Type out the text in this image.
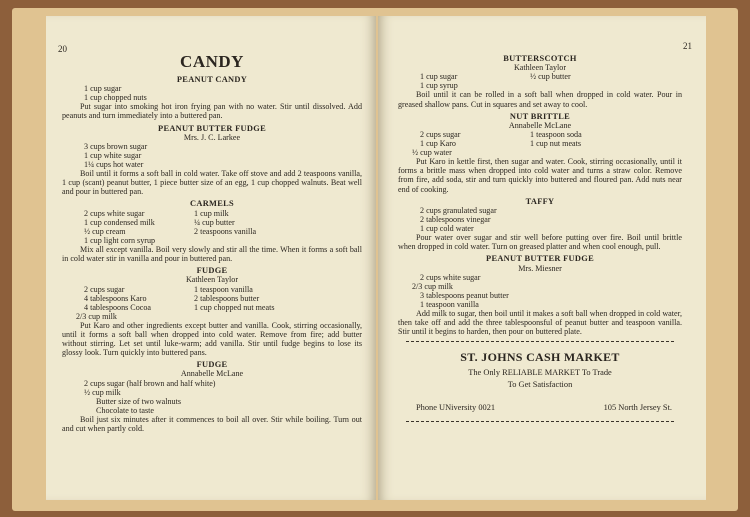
20
CANDY
PEANUT CANDY
1 cup sugar
1 cup chopped nuts
Put sugar into smoking hot iron frying pan with no water. Stir until dissolved. Add peanuts and turn immediately into a buttered pan.
PEANUT BUTTER FUDGE
Mrs. J. C. Larkee
3 cups brown sugar
1 cup white sugar
1¼ cups hot water
Boil until it forms a soft ball in cold water. Take off stove and add 2 teaspoons vanilla, 1 cup (scant) peanut butter, 1 piece butter size of an egg, 1 cup chopped walnuts. Beat well and pour in buttered pan.
CARMELS
2 cups white sugar	1 cup milk
1 cup condensed milk	¼ cup butter
½ cup cream	2 teaspoons vanilla
1 cup light corn syrup
Mix all except vanilla. Boil very slowly and stir all the time. When it forms a soft ball in cold water stir in vanilla and pour in buttered pan.
FUDGE
Kathleen Taylor
2 cups sugar	1 teaspoon vanilla
4 tablespoons Karo	2 tablespoons butter
4 tablespoons Cocoa	1 cup chopped nut meats
2/3 cup milk
Put Karo and other ingredients except butter and vanilla. Cook, stirring occasionally, until it forms a soft ball when dropped into cold water. Remove from fire; add butter without stirring. Let set until luke-warm; add vanilla. Stir until fudge begins to lose its glossy look. Turn quickly into buttered pans.
FUDGE
Annabelle McLane
2 cups sugar (half brown and half white)
½ cup milk
Butter size of two walnuts
Chocolate to taste
Boil just six minutes after it commences to boil all over. Stir while boiling. Turn out and cut when partly cold.
21
BUTTERSCOTCH
Kathleen Taylor
1 cup sugar	½ cup butter
1 cup syrup
Boil until it can be rolled in a soft ball when dropped in cold water. Pour in greased shallow pans. Cut in squares and set away to cool.
NUT BRITTLE
Annabelle McLane
2 cups sugar	1 teaspoon soda
1 cup Karo	1 cup nut meats
½ cup water
Put Karo in kettle first, then sugar and water. Cook, stirring occasionally, until it forms a brittle mass when dropped into cold water and turns a straw color. Remove from fire, add soda, stir and turn quickly into buttered and floured pan. Add nuts near end of cooking.
TAFFY
2 cups granulated sugar
2 tablespoons vinegar
1 cup cold water
Pour water over sugar and stir well before putting over fire. Boil until brittle when dropped in cold water. Turn on greased platter and when cool enough, pull.
PEANUT BUTTER FUDGE
Mrs. Miesner
2 cups white sugar
2/3 cup milk
3 tablespoons peanut butter
1 teaspoon vanilla
Add milk to sugar, then boil until it makes a soft ball when dropped in cold water, then take off and add the three tablespoonsful of peanut butter and teaspoon vanilla. Stir until it begins to harden, then pour on buttered plate.
ST. JOHNS CASH MARKET
The Only RELIABLE MARKET To Trade
To Get Satisfaction
Phone UNiversity 0021	105 North Jersey St.
